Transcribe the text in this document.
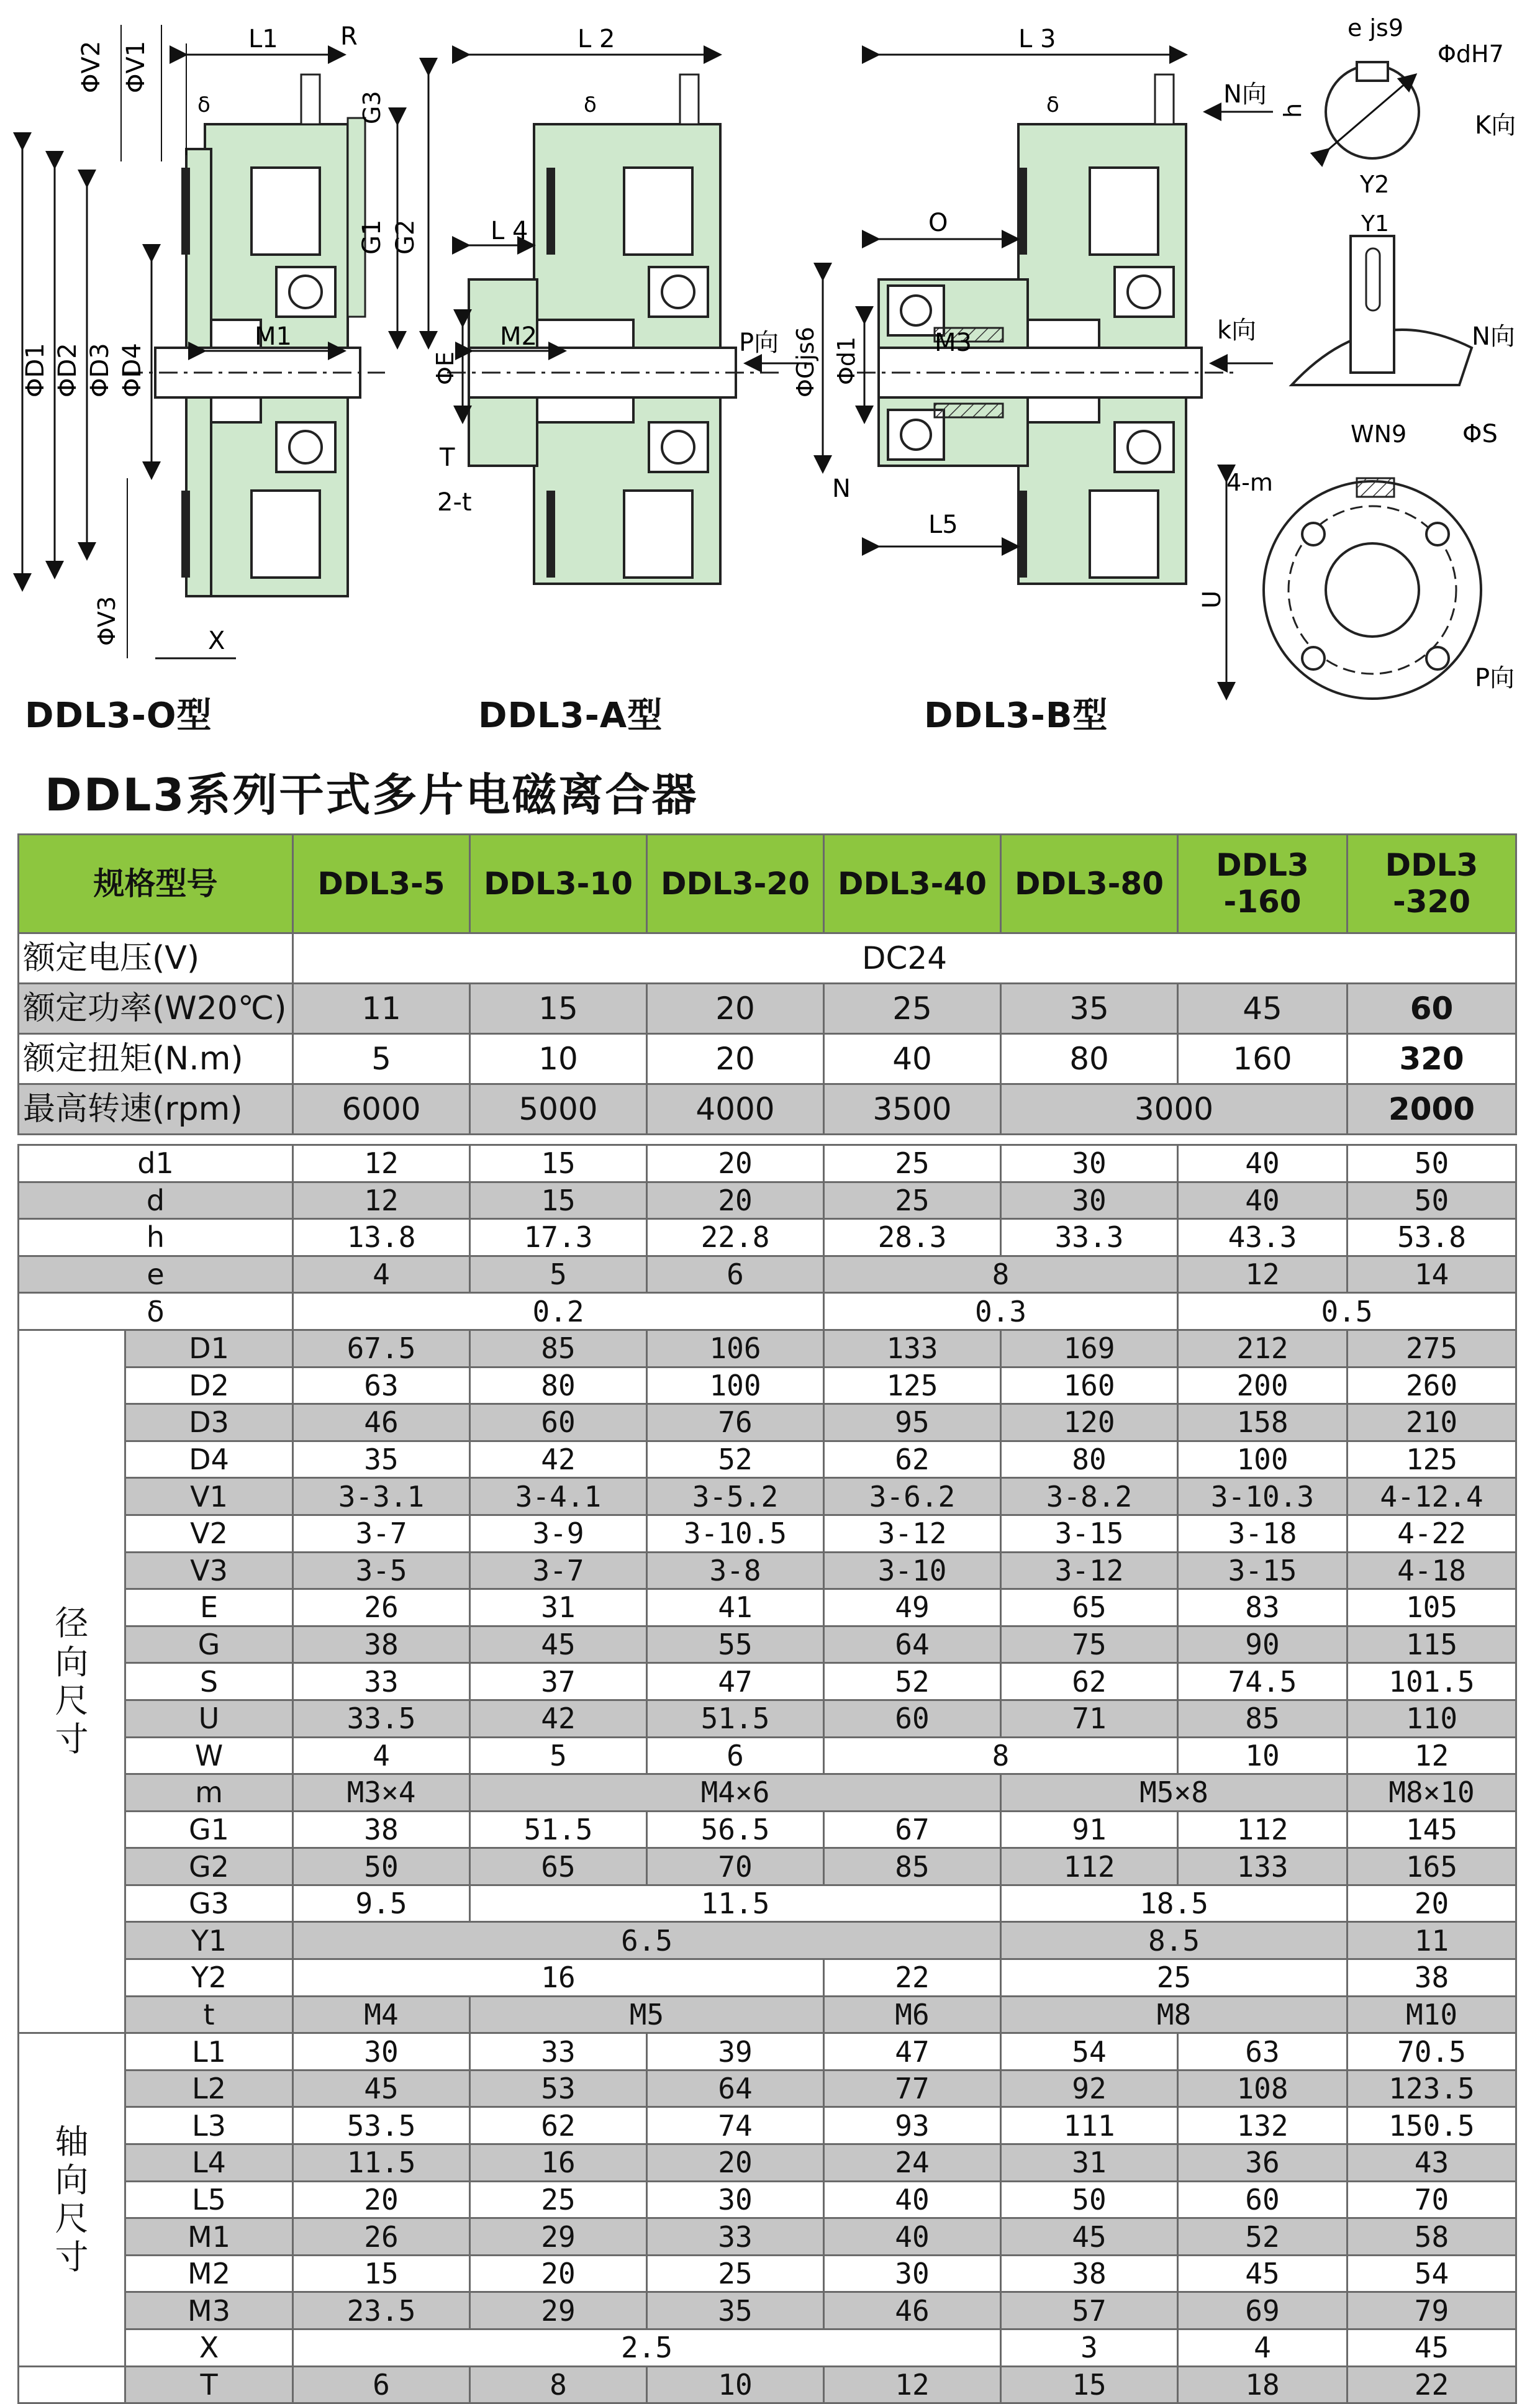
L1	R
ΦV2 ΦV1
δ	G3
G1 G2
ΦD1 ΦD2 ΦD3 ΦD4
M1
ΦV3	X
L 2
δ
L 4
ΦE
M2	P向
T
2-t
L 3
δ	N向
O
ΦGjs6 Φd1	M3	k向
N
L5
e js9
ΦdH7
h
K向
Y2
Y1
N向
WN9 ΦS
4-m
U
P向
DDL3-O型	DDL3-A型	DDL3-B型
DDL3系列干式多片电磁离合器
规格型号	DDL3-5	DDL3-10	DDL3-20	DDL3-40	DDL3-80	DDL3 -160	DDL3 -320
额定电压(V)	DC24						
额定功率(W20℃)	11	15	20	25	35	45	60
额定扭矩(N.m)	5	10	20	40	80	160	320
最高转速(rpm)	6000	5000	4000	3500	3000		2000
d1		12	15	20	25	30	40	50
d		12	15	20	25	30	40	50
h		13.8	17.3	22.8	28.3	33.3	43.3	53.8
e		4	5	6	8		12	14
δ		0.2			0.3		0.5	
径向尺寸	D1	67.5	85	106	133	169	212	275
	D2	63	80	100	125	160	200	260
	D3	46	60	76	95	120	158	210
	D4	35	42	52	62	80	100	125
	V1	3-3.1	3-4.1	3-5.2	3-6.2	3-8.2	3-10.3	4-12.4
	V2	3-7	3-9	3-10.5	3-12	3-15	3-18	4-22
	V3	3-5	3-7	3-8	3-10	3-12	3-15	4-18
	E	26	31	41	49	65	83	105
	G	38	45	55	64	75	90	115
	S	33	37	47	52	62	74.5	101.5
	U	33.5	42	51.5	60	71	85	110
	W	4	5	6	8		10	12
	m	M3×4	M4×6			M5×8		M8×10
	G1	38	51.5	56.5	67	91	112	145
	G2	50	65	70	85	112	133	165
	G3	9.5	11.5			18.5		20
	Y1	6.5				8.5		11
	Y2	16			22	25		38
	t	M4	M5		M6	M8		M10
轴向尺寸	L1	30	33	39	47	54	63	70.5
	L2	45	53	64	77	92	108	123.5
	L3	53.5	62	74	93	111	132	150.5
	L4	11.5	16	20	24	31	36	43
	L5	20	25	30	40	50	60	70
	M1	26	29	33	40	45	52	58
	M2	15	20	25	30	38	45	54
	M3	23.5	29	35	46	57	69	79
	X	2.5				3	4	45
	T	6	8	10	12	15	18	22
